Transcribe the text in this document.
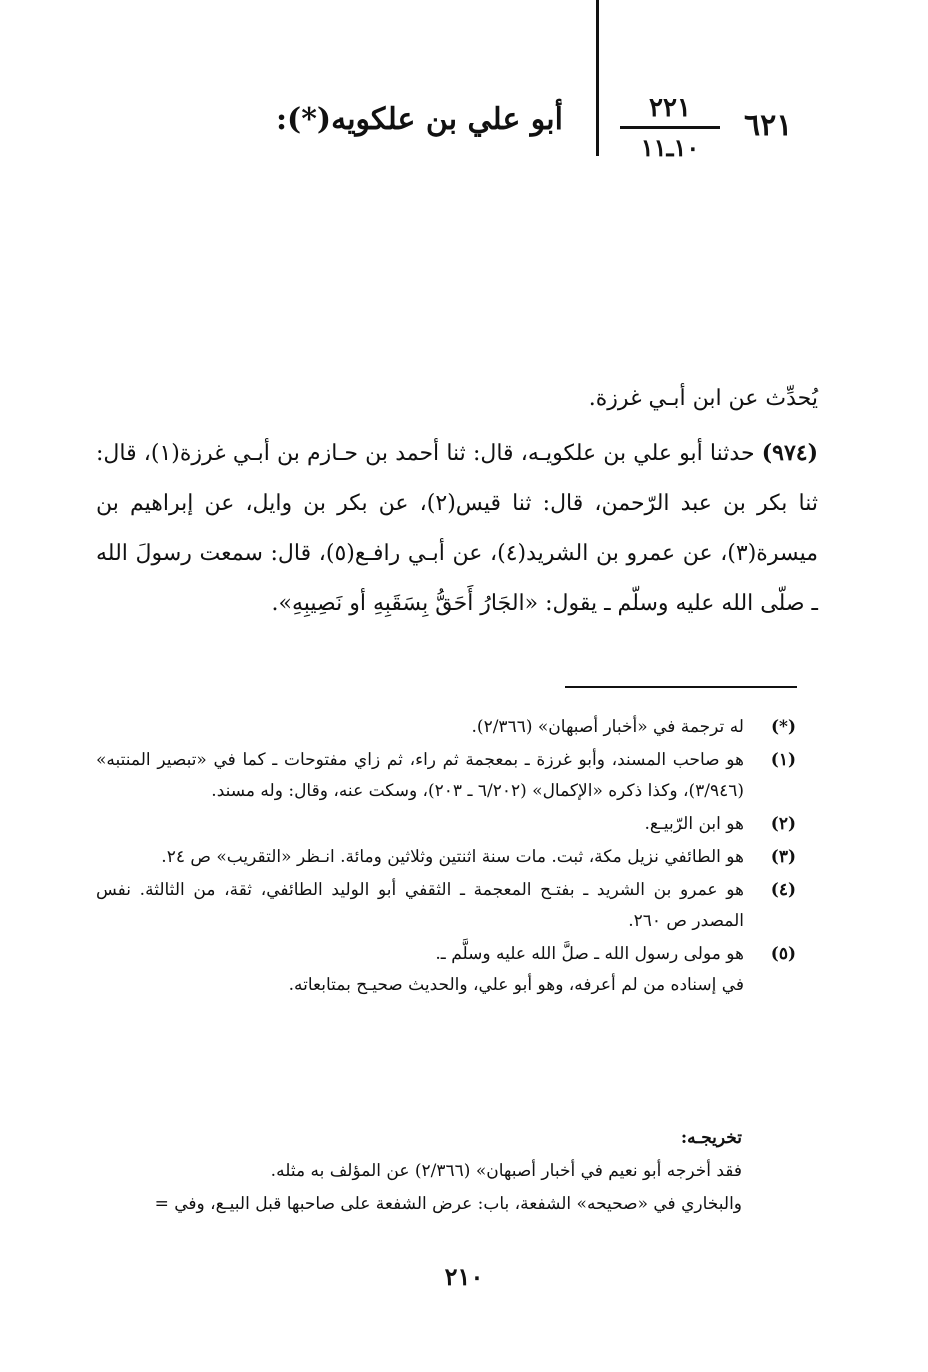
أبو علي بن علكويه(*):	٢٢١
١٠ـ١١
٦٢١

يُحدِّث عن ابن أبـي غرزة.

(٩٧٤) حدثنا أبو علي بن علكويـه، قال: ثنا أحمد بن حـازم بن أبـي غرزة(١)، قال: ثنا بكر بن عبد الرّحمن، قال: ثنا قيس(٢)، عن بكر بن وايل، عن إبراهيم بن ميسرة(٣)، عن عمرو بن الشريد(٤)، عن أبـي رافـع(٥)، قال: سمعت رسولَ الله ـ صلّى الله عليه وسلّم ـ يقول: «الجَارُ أَحَقُّ بِسَقَبِهِ أو نَصِيبِهِ».

(*)
له ترجمة في «أخبار أصبهان» (٢/٣٦٦).
(١)
هو صاحب المسند، وأبو غرزة ـ بمعجمة ثم راء، ثم زاي مفتوحات ـ كما في «تبصير المنتبه» (٣/٩٤٦)، وكذا ذكره «الإكمال» (٦/٢٠٢ ـ ٢٠٣)، وسكت عنه، وقال: وله مسند.
(٢)
هو ابن الرّبيـع.
(٣)
هو الطائفي نزيل مكة، ثبت. مات سنة اثنتين وثلاثين ومائة. انـظر «التقريب» ص ٢٤.
(٤)
هو عمرو بن الشريد ـ بفتـح المعجمة ـ الثقفي أبو الوليد الطائفي، ثقة، من الثالثة. نفس المصدر ص ٢٦٠.
(٥)
هو مولى رسول الله ـ صلَّ الله عليه وسلَّم ـ.
في إسناده من لم أعرفه، وهو أبو علي، والحديث صحيـح بمتابعاته.

تخريجـه:

فقد أخرجه أبو نعيم في أخبار أصبهان» (٢/٣٦٦) عن المؤلف به مثله.

والبخاري في «صحيحه» الشفعة، باب: عرض الشفعة على صاحبها قبل البيـع، وفي =

٢١٠
